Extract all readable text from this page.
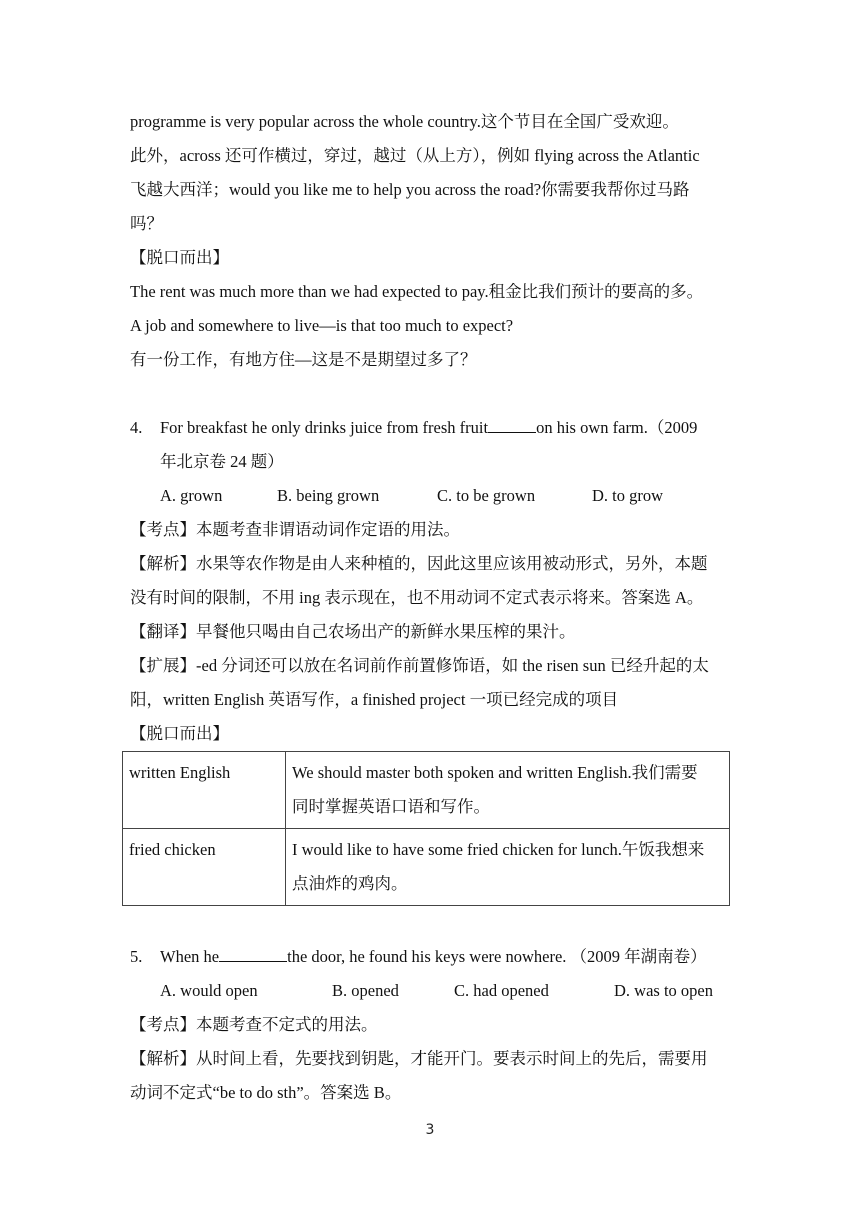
programme is very popular across the whole country.这个节目在全国广受欢迎。
此外，across 还可作横过，穿过，越过（从上方），例如 flying across the Atlantic
飞越大西洋；would you like me to help you across the road?你需要我帮你过马路
吗？
【脱口而出】
The rent was much more than we had expected to pay.租金比我们预计的要高的多。
A job and somewhere to live—is that too much to expect?
有一份工作，有地方住—这是不是期望过多了？
4. For breakfast he only drinks juice from fresh fruit	on his own farm.（2009
年北京卷 24 题）
A. grown	B. being grown	C. to be grown	D. to grow
【考点】本题考查非谓语动词作定语的用法。
【解析】水果等农作物是由人来种植的，因此这里应该用被动形式，另外，本题
没有时间的限制，不用 ing 表示现在，也不用动词不定式表示将来。答案选 A。
【翻译】早餐他只喝由自己农场出产的新鲜水果压榨的果汁。
【扩展】-ed 分词还可以放在名词前作前置修饰语，如 the risen sun 已经升起的太
阳，written English 英语写作，a finished project 一项已经完成的项目
【脱口而出】
written English	We should master both spoken and written English.我们需要
同时掌握英语口语和写作。

fried chicken	I would like to have some fried chicken for lunch.午饭我想来
点油炸的鸡肉。
5. When he	the door, he found his keys were nowhere. （2009 年湖南卷）
A. would open	B. opened	C. had opened	D. was to open
【考点】本题考查不定式的用法。
【解析】从时间上看，先要找到钥匙，才能开门。要表示时间上的先后，需要用
动词不定式“be to do sth”。答案选 B。
3
